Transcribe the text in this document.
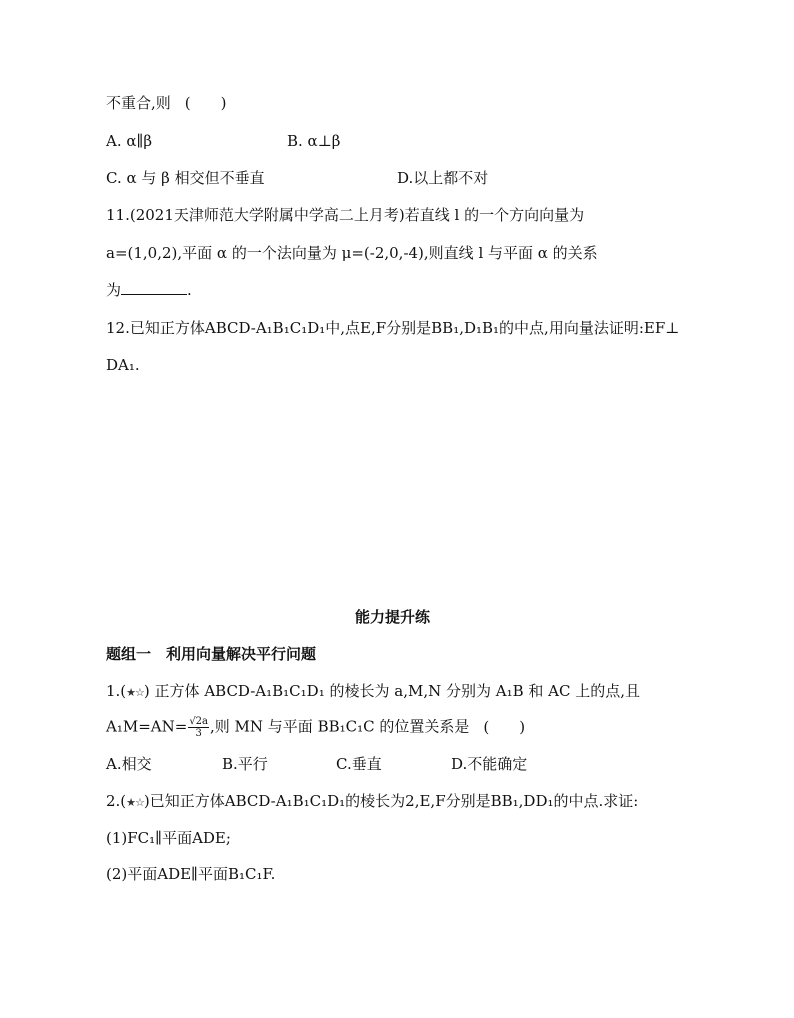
不重合,则 (　　)
A. α∥β	B. α⊥β
C. α 与 β 相交但不垂直	D.以上都不对
11.(2021天津师范大学附属中学高二上月考)若直线 l 的一个方向向量为
a=(1,0,2),平面 α 的一个法向量为 μ=(-2,0,-4),则直线 l 与平面 α 的关系
为	.
12.已知正方体ABCD-A₁B₁C₁D₁中,点E,F分别是BB₁,D₁B₁的中点,用向量法证明:EF⊥
DA₁.
能力提升练
题组一　利用向量解决平行问题
1.(★☆) 正方体 ABCD-A₁B₁C₁D₁ 的棱长为 a,M,N 分别为 A₁B 和 AC 上的点,且
$A_1M=AN= \frac{√2a}{3}$ ,则 MN 与平面 BB₁C₁C 的位置关系是 (　　)
A.相交	B.平行	C.垂直	D.不能确定
2.(★☆)已知正方体ABCD-A₁B₁C₁D₁的棱长为2,E,F分别是BB₁,DD₁的中点.求证:
(1)FC₁∥平面ADE;
(2)平面ADE∥平面B₁C₁F.
